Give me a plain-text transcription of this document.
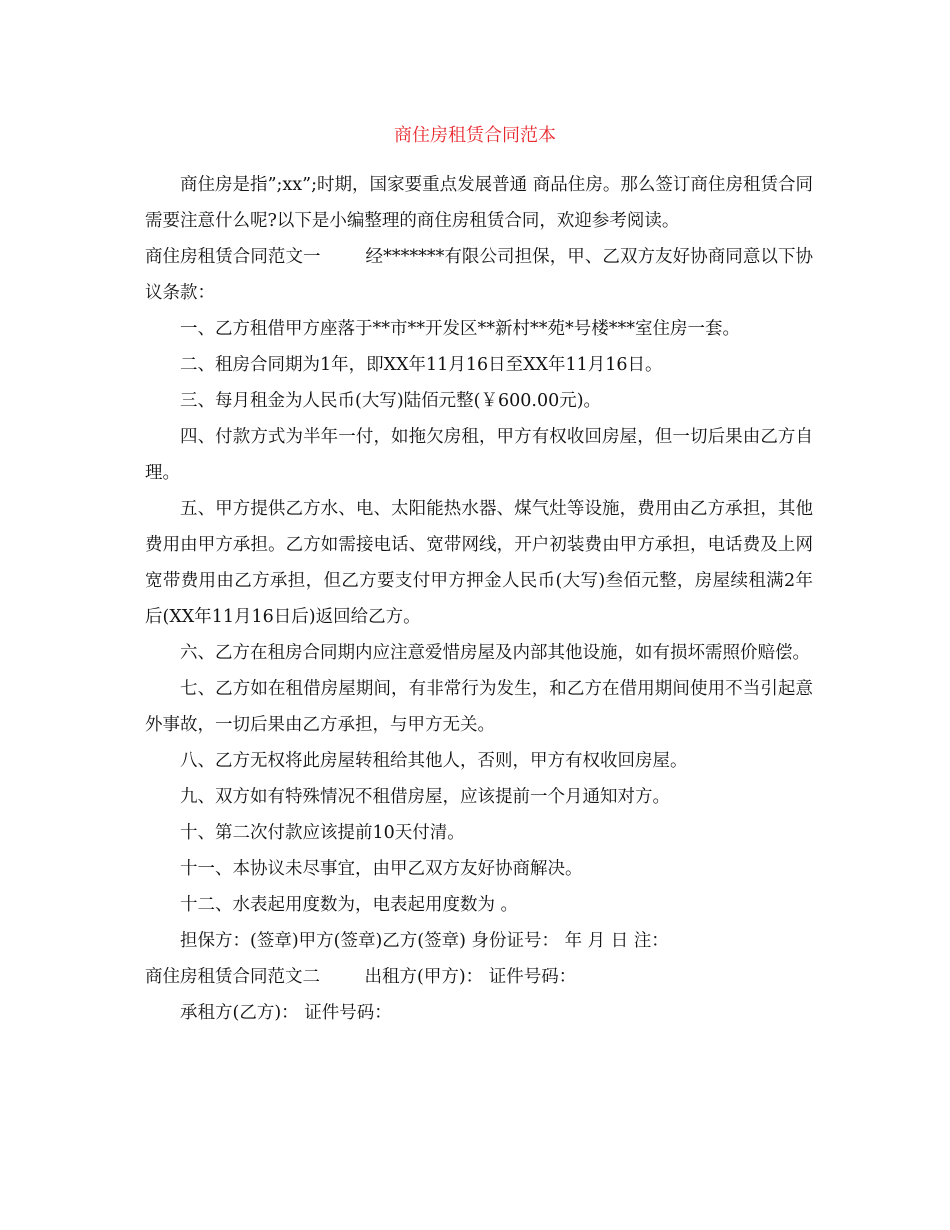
商住房租赁合同范本

商住房是指”;xx”;时期，国家要重点发展普通 商品住房。那么签订商住房租赁合同需要注意什么呢?以下是小编整理的商住房租赁合同，欢迎参考阅读。

商住房租赁合同范文一        经*******有限公司担保，甲、乙双方友好协商同意以下协议条款：

一、乙方租借甲方座落于**市**开发区**新村**苑*号楼***室住房一套。

二、租房合同期为1年，即XX年11月16日至XX年11月16日。

三、每月租金为人民币(大写)陆佰元整(￥600.00元)。

四、付款方式为半年一付，如拖欠房租，甲方有权收回房屋，但一切后果由乙方自理。

五、甲方提供乙方水、电、太阳能热水器、煤气灶等设施，费用由乙方承担，其他费用由甲方承担。乙方如需接电话、宽带网线，开户初装费由甲方承担，电话费及上网宽带费用由乙方承担，但乙方要支付甲方押金人民币(大写)叁佰元整，房屋续租满2年后(XX年11月16日后)返回给乙方。

六、乙方在租房合同期内应注意爱惜房屋及内部其他设施，如有损坏需照价赔偿。

七、乙方如在租借房屋期间，有非常行为发生，和乙方在借用期间使用不当引起意外事故，一切后果由乙方承担，与甲方无关。

八、乙方无权将此房屋转租给其他人，否则，甲方有权收回房屋。

九、双方如有特殊情况不租借房屋，应该提前一个月通知对方。

十、第二次付款应该提前10天付清。

十一、本协议未尽事宜，由甲乙双方友好协商解决。

十二、水表起用度数为，电表起用度数为 。

担保方：(签章)甲方(签章)乙方(签章) 身份证号： 年 月 日 注：

商住房租赁合同范文二        出租方(甲方)： 证件号码：

承租方(乙方)： 证件号码：
